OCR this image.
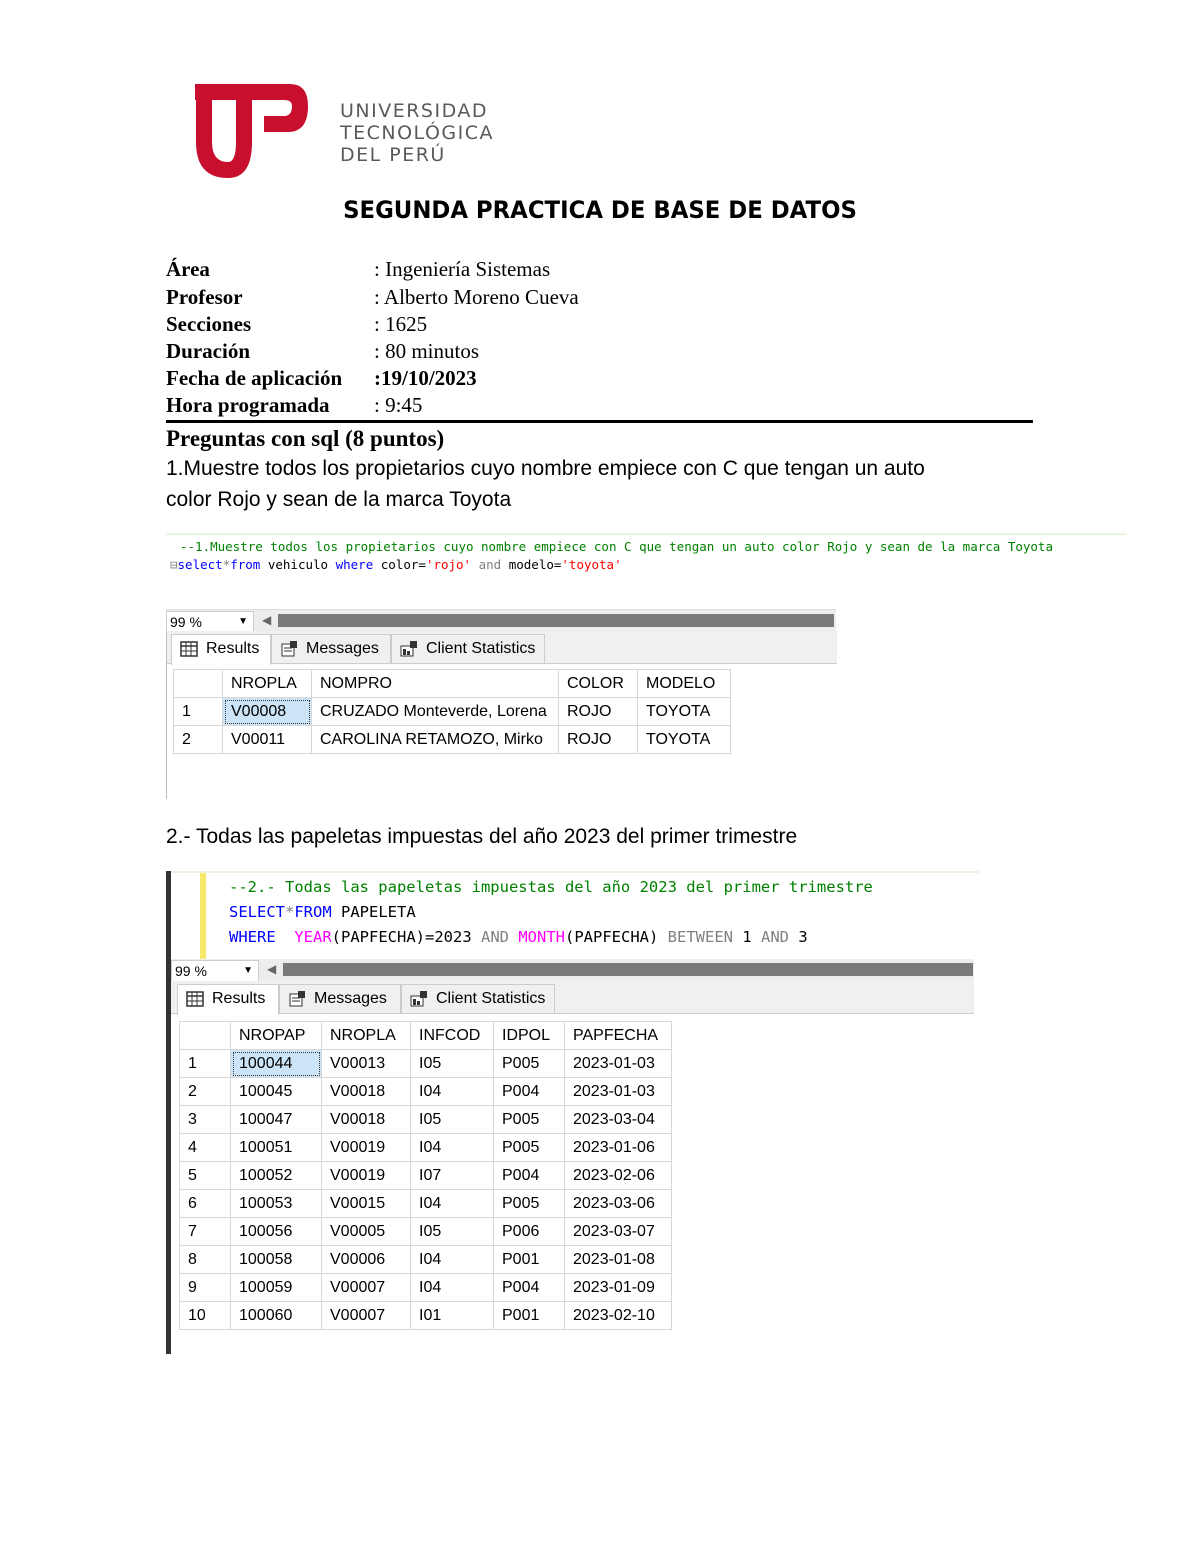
UNIVERSIDAD
TECNOLÓGICA
DEL PERÚ
SEGUNDA PRACTICA DE BASE DE DATOS
Área	: Ingeniería Sistemas
Profesor	: Alberto Moreno Cueva
Secciones	: 1625
Duración	: 80 minutos
Fecha de aplicación :19/10/2023
Hora programada : 9:45
Preguntas con sql (8 puntos)
1.Muestre todos los propietarios cuyo nombre empiece con C que tengan un auto
color Rojo y sean de la marca Toyota
--1.Muestre todos los propietarios cuyo nombre empiece con C que tengan un auto color Rojo y sean de la marca Toyota
⊟select*from vehiculo where color='rojo' and modelo='toyota'
99 %	▼ ◀
Results	Messages	Client Statistics
	NROPLA	NOMPRO	COLOR	MODELO
1	V00008	CRUZADO Monteverde, Lorena	ROJO	TOYOTA
2	V00011	CAROLINA RETAMOZO, Mirko	ROJO	TOYOTA
2.- Todas las papeletas impuestas del año 2023 del primer trimestre
--2.- Todas las papeletas impuestas del año 2023 del primer trimestre
SELECT*FROM PAPELETA
WHERE YEAR(PAPFECHA)=2023 AND MONTH(PAPFECHA) BETWEEN 1 AND 3
99 %	▼ ◀
Results	Messages	Client Statistics
	NROPAP	NROPLA	INFCOD	IDPOL	PAPFECHA
1	100044	V00013	I05	P005	2023-01-03
2	100045	V00018	I04	P004	2023-01-03
3	100047	V00018	I05	P005	2023-03-04
4	100051	V00019	I04	P005	2023-01-06
5	100052	V00019	I07	P004	2023-02-06
6	100053	V00015	I04	P005	2023-03-06
7	100056	V00005	I05	P006	2023-03-07
8	100058	V00006	I04	P001	2023-01-08
9	100059	V00007	I04	P004	2023-01-09
10	100060	V00007	I01	P001	2023-02-10
